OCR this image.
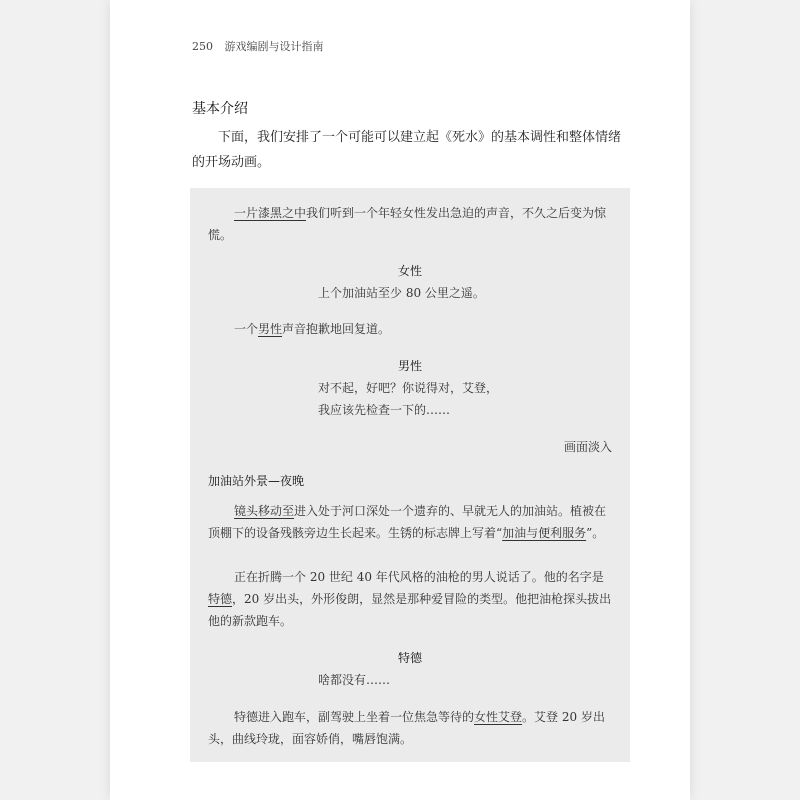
250 游戏编剧与设计指南
基本介绍

下面，我们安排了一个可能可以建立起《死水》的基本调性和整体情绪的开场动画。

一片漆黑之中我们听到一个年轻女性发出急迫的声音，不久之后变为惊慌。

女性
上个加油站至少 80 公里之遥。

一个男性声音抱歉地回复道。

男性
对不起，好吧？你说得对，艾登，
我应该先检查一下的……
画面淡入
加油站外景—夜晚

镜头移动至进入处于河口深处一个遗弃的、早就无人的加油站。植被在顶棚下的设备残骸旁边生长起来。生锈的标志牌上写着“加油与便利服务”。

正在折腾一个 20 世纪 40 年代风格的油枪的男人说话了。他的名字是特德，20 岁出头，外形俊朗，显然是那种爱冒险的类型。他把油枪探头拔出他的新款跑车。

特德
啥都没有……

特德进入跑车，副驾驶上坐着一位焦急等待的女性艾登。艾登 20 岁出头，曲线玲珑，面容娇俏，嘴唇饱满。
